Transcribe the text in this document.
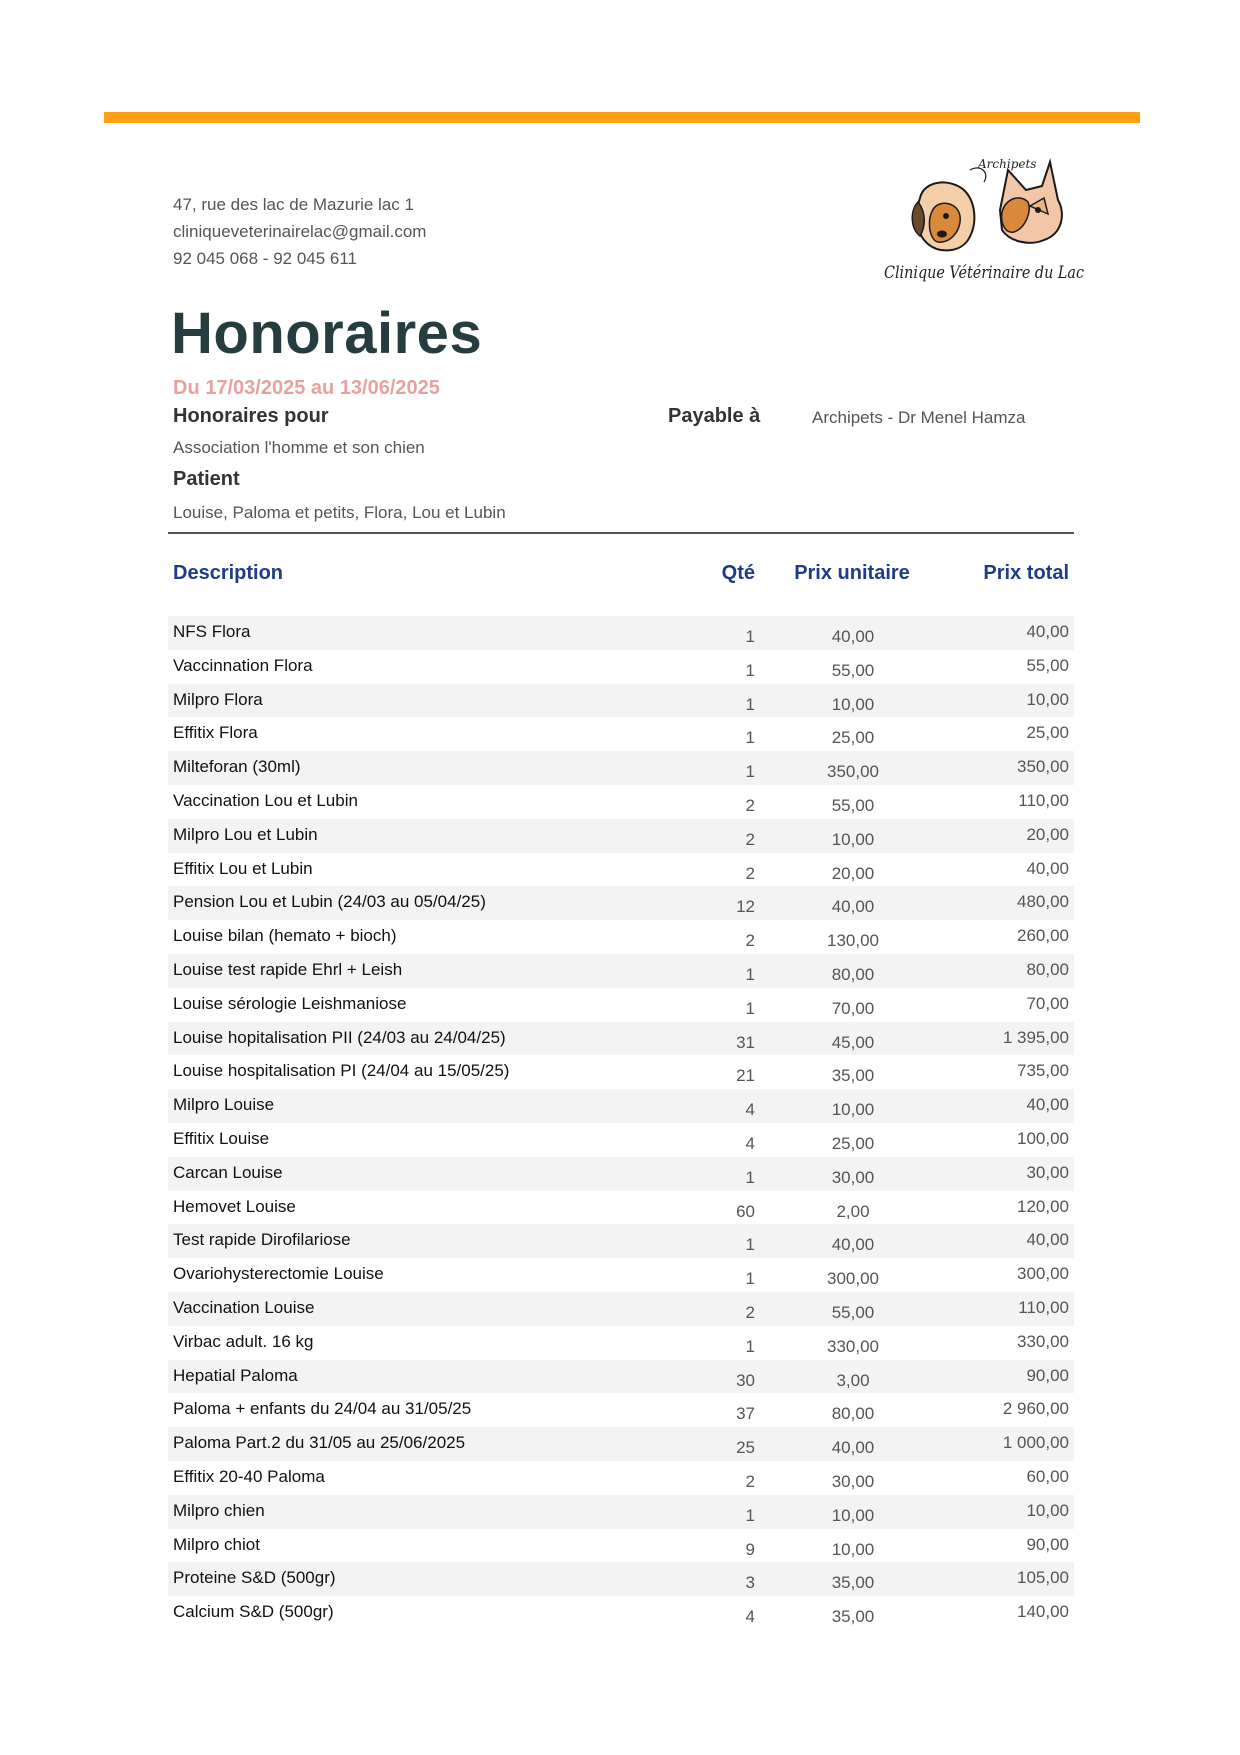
47, rue des lac de Mazurie lac 1
cliniqueveterinairelac@gmail.com
92 045 068 - 92 045 611
Archipets
Clinique Vétérinaire du Lac
Honoraires
Du 17/03/2025 au 13/06/2025
Honoraires pour
Association l'homme et son chien
Patient
Louise, Paloma et petits, Flora, Lou et Lubin
Payable à	Archipets - Dr Menel Hamza
Description	Qté	Prix unitaire	Prix total
NFS Flora	1	40,00	40,00
Vaccinnation Flora	1	55,00	55,00
Milpro Flora	1	10,00	10,00
Effitix Flora	1	25,00	25,00
Milteforan (30ml)	1	350,00	350,00
Vaccination Lou et Lubin	2	55,00	110,00
Milpro Lou et Lubin	2	10,00	20,00
Effitix Lou et Lubin	2	20,00	40,00
Pension Lou et Lubin (24/03 au 05/04/25)	12	40,00	480,00
Louise bilan (hemato + bioch)	2	130,00	260,00
Louise test rapide Ehrl + Leish	1	80,00	80,00
Louise sérologie Leishmaniose	1	70,00	70,00
Louise hopitalisation PII (24/03 au 24/04/25)	31	45,00	1 395,00
Louise hospitalisation PI (24/04 au 15/05/25)	21	35,00	735,00
Milpro Louise	4	10,00	40,00
Effitix Louise	4	25,00	100,00
Carcan Louise	1	30,00	30,00
Hemovet Louise	60	2,00	120,00
Test rapide Dirofilariose	1	40,00	40,00
Ovariohysterectomie Louise	1	300,00	300,00
Vaccination Louise	2	55,00	110,00
Virbac adult. 16 kg	1	330,00	330,00
Hepatial Paloma	30	3,00	90,00
Paloma + enfants du 24/04 au 31/05/25	37	80,00	2 960,00
Paloma Part.2 du 31/05 au 25/06/2025	25	40,00	1 000,00
Effitix 20-40 Paloma	2	30,00	60,00
Milpro chien	1	10,00	10,00
Milpro chiot	9	10,00	90,00
Proteine S&D (500gr)	3	35,00	105,00
Calcium S&D (500gr)	4	35,00	140,00
